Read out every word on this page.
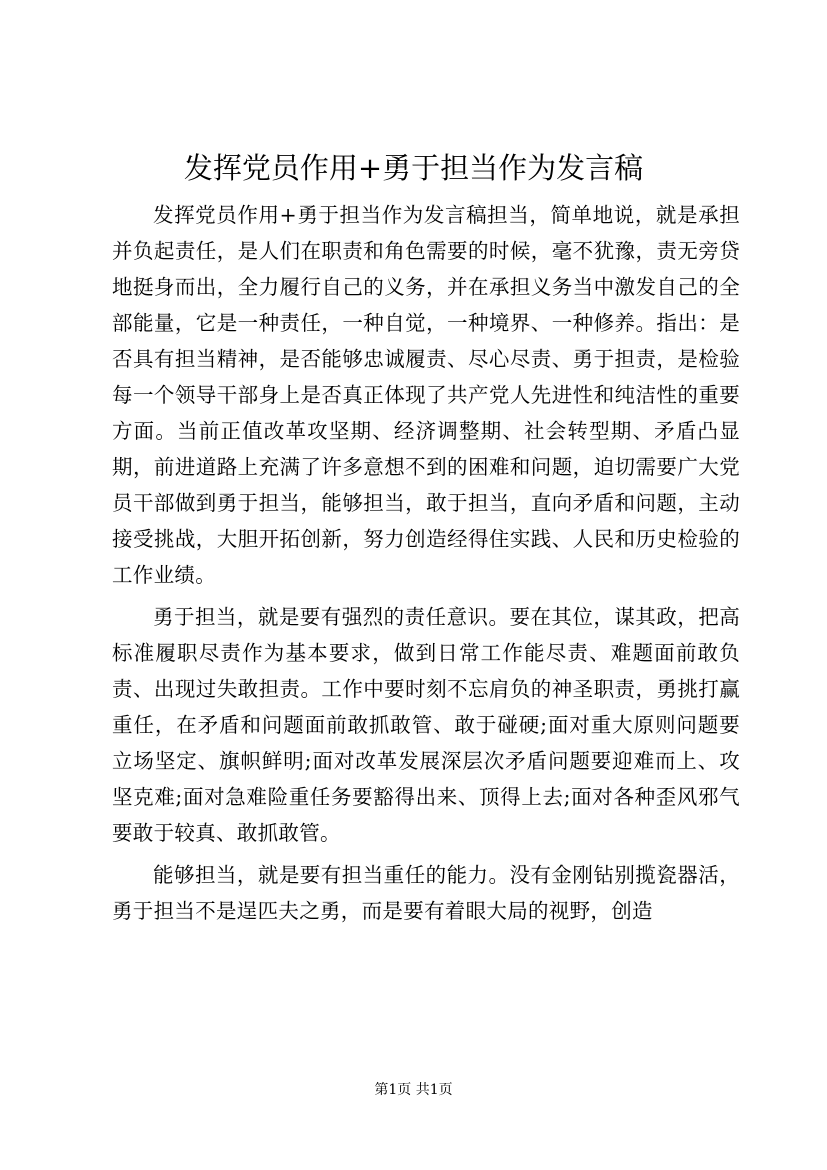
发挥党员作用+勇于担当作为发言稿

发挥党员作用+勇于担当作为发言稿担当，简单地说，就是承担并负起责任，是人们在职责和角色需要的时候，毫不犹豫，责无旁贷地挺身而出，全力履行自己的义务，并在承担义务当中激发自己的全部能量，它是一种责任，一种自觉，一种境界、一种修养。指出：是否具有担当精神，是否能够忠诚履责、尽心尽责、勇于担责，是检验每一个领导干部身上是否真正体现了共产党人先进性和纯洁性的重要方面。当前正值改革攻坚期、经济调整期、社会转型期、矛盾凸显期，前进道路上充满了许多意想不到的困难和问题，迫切需要广大党员干部做到勇于担当，能够担当，敢于担当，直向矛盾和问题，主动接受挑战，大胆开拓创新，努力创造经得住实践、人民和历史检验的工作业绩。

勇于担当，就是要有强烈的责任意识。要在其位，谋其政，把高标准履职尽责作为基本要求，做到日常工作能尽责、难题面前敢负责、出现过失敢担责。工作中要时刻不忘肩负的神圣职责，勇挑打赢重任，在矛盾和问题面前敢抓敢管、敢于碰硬;面对重大原则问题要立场坚定、旗帜鲜明;面对改革发展深层次矛盾问题要迎难而上、攻坚克难;面对急难险重任务要豁得出来、顶得上去;面对各种歪风邪气要敢于较真、敢抓敢管。

能够担当，就是要有担当重任的能力。没有金刚钻别揽瓷器活，勇于担当不是逞匹夫之勇，而是要有着眼大局的视野，创造

第1页 共1页
